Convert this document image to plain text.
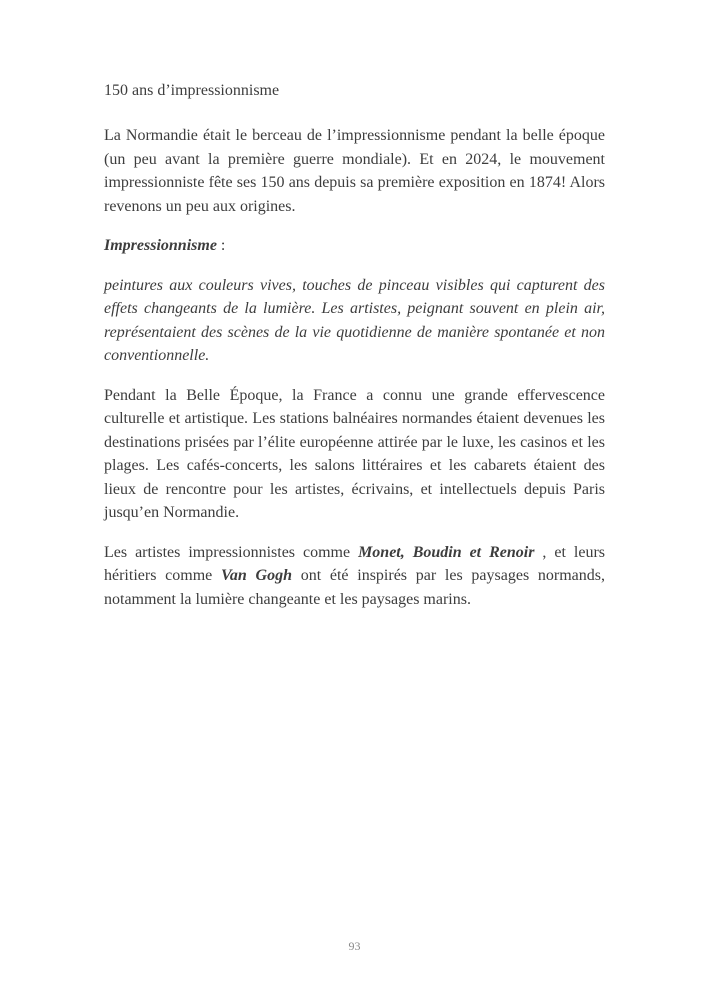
150 ans d’impressionnisme

La Normandie était le berceau de l’impressionnisme pendant la belle époque (un peu avant la première guerre mondiale). Et en 2024, le mouvement impressionniste fête ses 150 ans depuis sa première exposition en 1874! Alors revenons un peu aux origines.

Impressionnisme :

peintures aux couleurs vives, touches de pinceau visibles qui capturent des effets changeants de la lumière. Les artistes, peignant souvent en plein air, représentaient des scènes de la vie quotidienne de manière spontanée et non conventionnelle.

Pendant la Belle Époque, la France a connu une grande effervescence culturelle et artistique. Les stations balnéaires normandes étaient devenues les destinations prisées par l’élite européenne attirée par le luxe, les casinos et les plages. Les cafés-concerts, les salons littéraires et les cabarets étaient des lieux de rencontre pour les artistes, écrivains, et intellectuels depuis Paris jusqu’en Normandie.

Les artistes impressionnistes comme Monet, Boudin et Renoir , et leurs héritiers comme Van Gogh ont été inspirés par les paysages normands, notamment la lumière changeante et les paysages marins.

93
